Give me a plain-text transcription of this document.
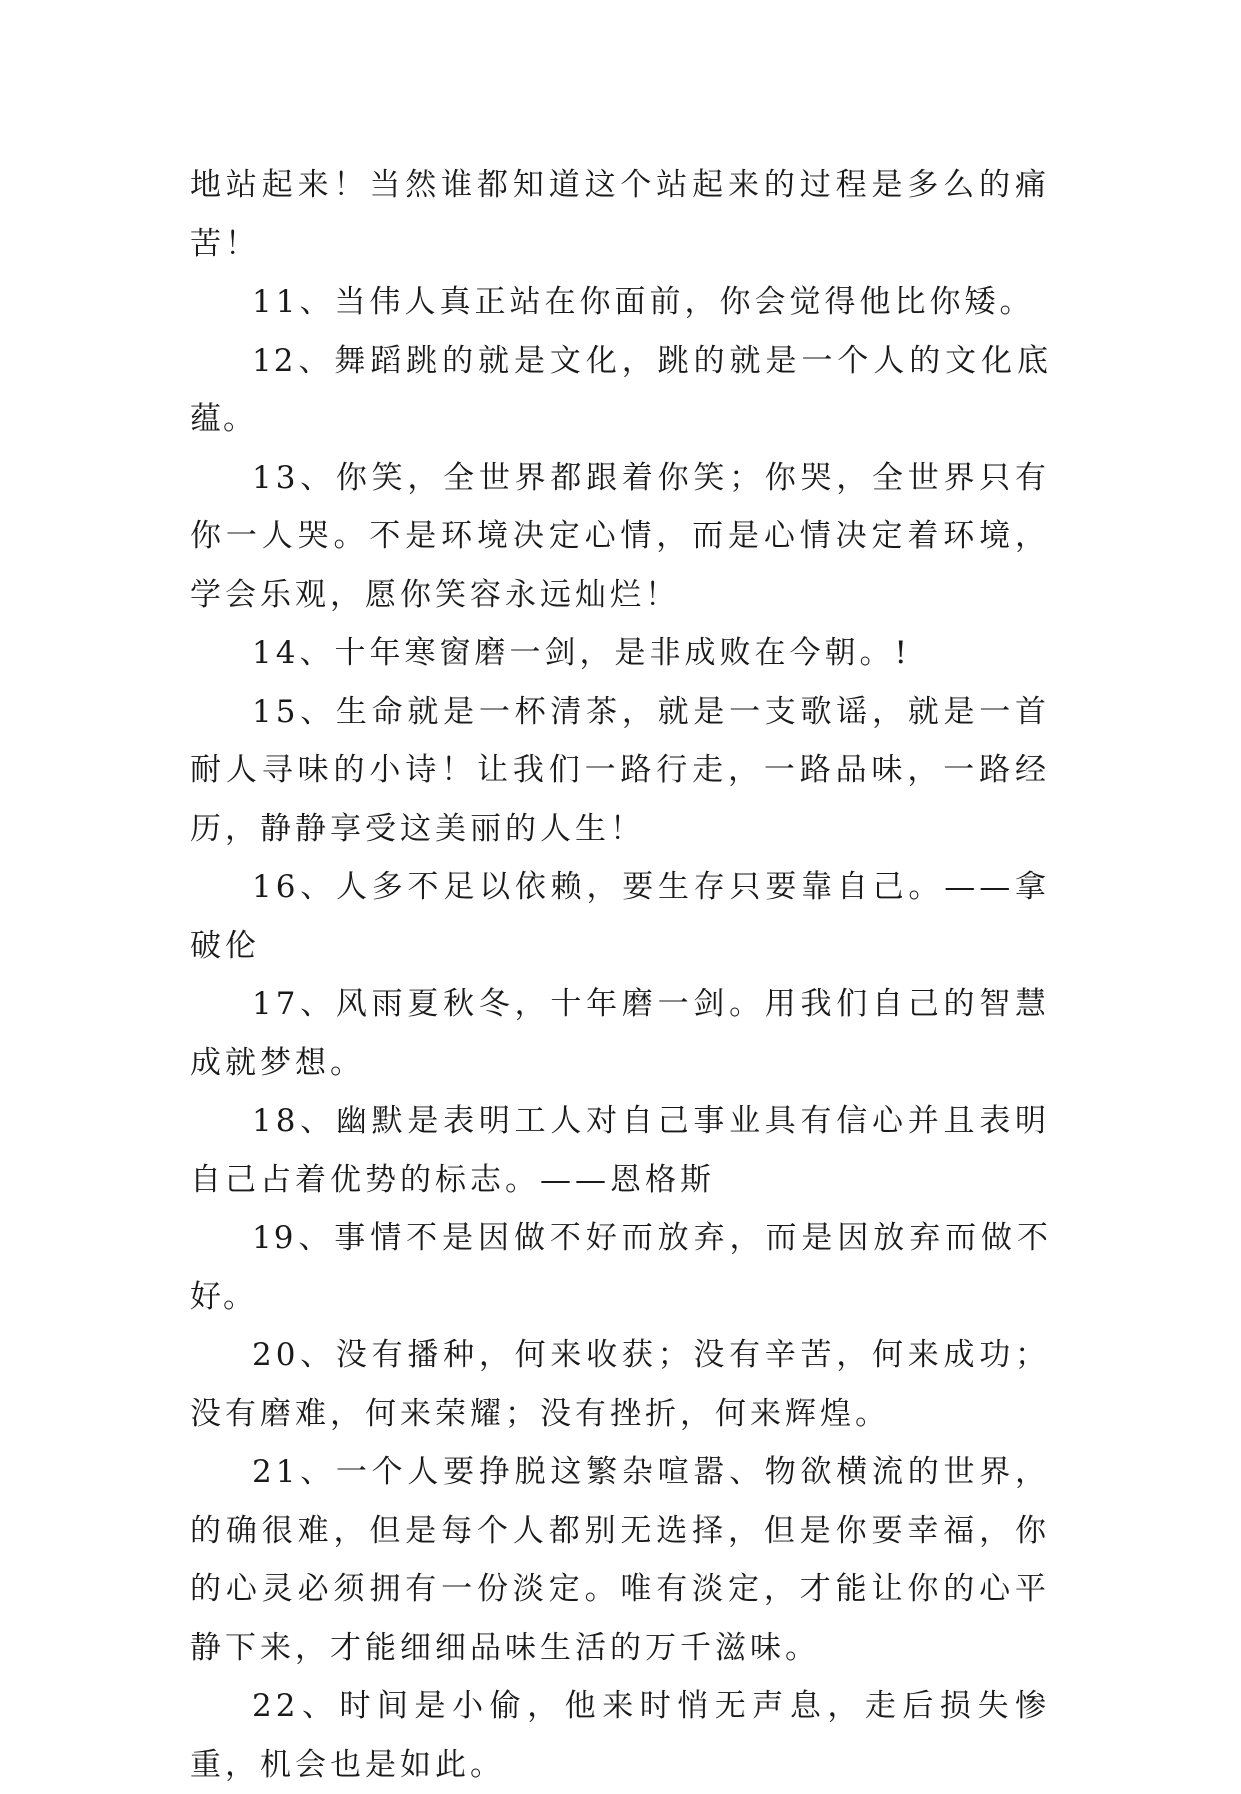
地站起来！当然谁都知道这个站起来的过程是多么的痛苦！

11、当伟人真正站在你面前，你会觉得他比你矮。

12、舞蹈跳的就是文化，跳的就是一个人的文化底蕴。

13、你笑，全世界都跟着你笑；你哭，全世界只有你一人哭。不是环境决定心情，而是心情决定着环境，学会乐观，愿你笑容永远灿烂！

14、十年寒窗磨一剑，是非成败在今朝。!

15、生命就是一杯清茶，就是一支歌谣，就是一首耐人寻味的小诗！让我们一路行走，一路品味，一路经历，静静享受这美丽的人生！

16、人多不足以依赖，要生存只要靠自己。——拿破伦

17、风雨夏秋冬，十年磨一剑。用我们自己的智慧成就梦想。

18、幽默是表明工人对自己事业具有信心并且表明自己占着优势的标志。——恩格斯

19、事情不是因做不好而放弃，而是因放弃而做不好。

20、没有播种，何来收获；没有辛苦，何来成功；没有磨难，何来荣耀；没有挫折，何来辉煌。

21、一个人要挣脱这繁杂喧嚣、物欲横流的世界，的确很难，但是每个人都别无选择，但是你要幸福，你的心灵必须拥有一份淡定。唯有淡定，才能让你的心平静下来，才能细细品味生活的万千滋味。

22、时间是小偷，他来时悄无声息，走后损失惨重，机会也是如此。
